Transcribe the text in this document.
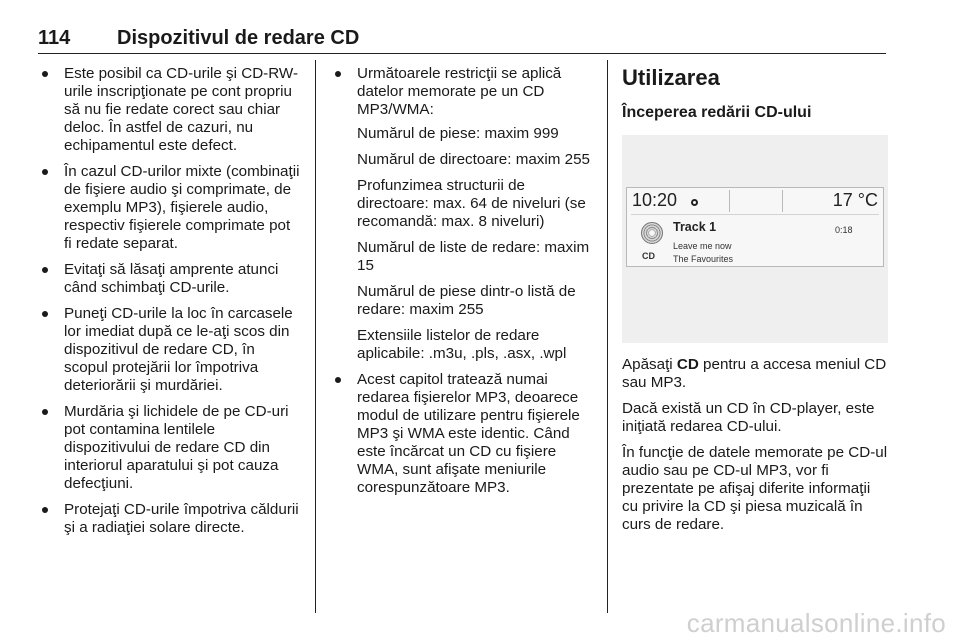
114 Dispozitivul de redare CD
Este posibil ca CD-urile şi CD-RW-urile inscripţionate pe cont propriu să nu fie redate corect sau chiar deloc. În astfel de cazuri, nu echipamentul este defect.
În cazul CD-urilor mixte (combinaţii de fişiere audio şi comprimate, de exemplu MP3), fişierele audio, respectiv fişierele comprimate pot fi redate separat.
Evitaţi să lăsaţi amprente atunci când schimbaţi CD-urile.
Puneţi CD-urile la loc în carcasele lor imediat după ce le-aţi scos din dispozitivul de redare CD, în scopul protejării lor împotriva deteriorării şi murdăriei.
Murdăria şi lichidele de pe CD-uri pot contamina lentilele dispozitivului de redare CD din interiorul aparatului şi pot cauza defecţiuni.
Protejaţi CD-urile împotriva căldurii şi a radiaţiei solare directe.
Următoarele restricţii se aplică datelor memorate pe un CD MP3/WMA:

Numărul de piese: maxim 999

Numărul de directoare: maxim 255

Profunzimea structurii de directoare: max. 64 de niveluri (se recomandă: max. 8 niveluri)

Numărul de liste de redare: maxim 15

Numărul de piese dintr-o listă de redare: maxim 255

Extensiile listelor de redare aplicabile: .m3u, .pls, .asx, .wpl

Acest capitol tratează numai redarea fişierelor MP3, deoarece modul de utilizare pentru fişierele MP3 şi WMA este identic. Când este încărcat un CD cu fişiere WMA, sunt afişate meniurile corespunzătoare MP3.
Utilizarea
Începerea redării CD-ului
10:20	17 °C
CD
Track 1
Leave me now
The Favourites
0:18

Apăsaţi CD pentru a accesa meniul CD sau MP3.

Dacă există un CD în CD-player, este iniţiată redarea CD-ului.

În funcţie de datele memorate pe CD-ul audio sau pe CD-ul MP3, vor fi prezentate pe afişaj diferite informaţii cu privire la CD şi piesa muzicală în curs de redare.

carmanualsonline.info
